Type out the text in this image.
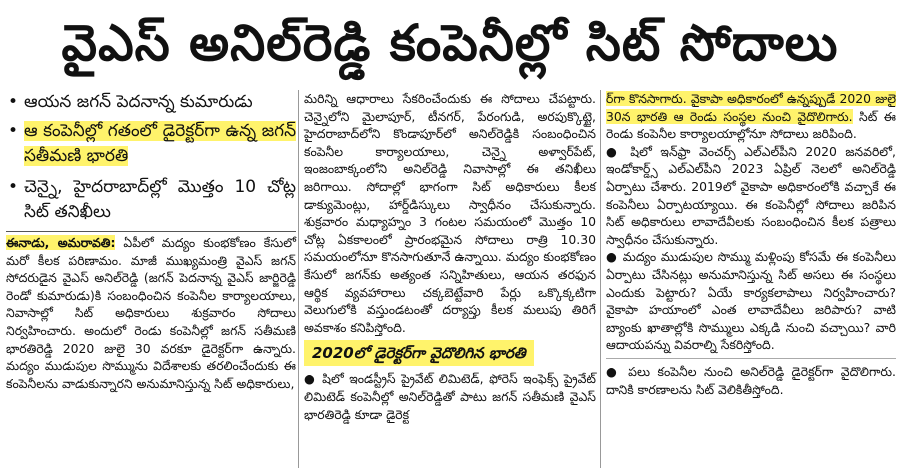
వైఎస్ అనిల్‌రెడ్డి కంపెనీల్లో సిట్ సోదాలు
• ఆయన జగన్ పెదనాన్న కుమారుడు
• ఆ కంపెనీల్లో గతంలో డైరెక్టర్‌గా ఉన్న జగన్ సతీమణి భారతి
• చెన్నై, హైదరాబాద్‌ల్లో మొత్తం 10 చోట్ల సిట్ తనిఖీలు

ఈనాడు, అమరావతి: ఏపీలో మద్యం కుంభకోణం కేసులో మరో కీలక పరిణామం. మాజీ ముఖ్యమంత్రి వైఎస్ జగన్ సోదరుడైన వైఎస్ అనిల్‌రెడ్డి (జగన్ పెదనాన్న వైఎస్ జార్జిరెడ్డి రెండో కుమారుడు)కి సంబంధించిన కంపెనీల కార్యాలయాలు, నివాసాల్లో సిట్ అధికారులు శుక్రవారం సోదాలు నిర్వహించారు. అందులో రెండు కంపెనీల్లో జగన్ సతీమణి భారతిరెడ్డి 2020 జులై 30 వరకూ డైరెక్టర్‌గా ఉన్నారు. మద్యం ముడుపుల సొమ్మును విదేశాలకు తరలించేందుకు ఈ కంపెనీలను వాడుకున్నారని అనుమానిస్తున్న సిట్ అధికారులు,

మరిన్ని ఆధారాలు సేకరించేందుకు ఈ సోదాలు చేపట్టారు. చెన్నైలోని మైలాపూర్, టీనగర్, పేరంగుడి, అరపుక్కొట్టై, హైదరాబాద్‌లోని కొండాపూర్‌లో అనిల్‌రెడ్డికి సంబంధించిన కంపెనీల కార్యాలయాలు, చెన్నై అళ్వార్‌పేట్, ఇంజంబాక్కంలోని అనిల్‌రెడ్డి నివాసాల్లో ఈ తనిఖీలు జరిగాయి. సోదాల్లో భాగంగా సిట్ అధికారులు కీలక డాక్యుమెంట్లు, హార్డ్‌డిస్కులు స్వాధీనం చేసుకున్నారు. శుక్రవారం మధ్యాహ్నం 3 గంటల సమయంలో మొత్తం 10 చోట్ల ఏకకాలంలో ప్రారంభమైన సోదాలు రాత్రి 10.30 సమయంలోనూ కొనసాగుతూనే ఉన్నాయి. మద్యం కుంభకోణం కేసులో జగన్‌కు అత్యంత సన్నిహితులు, ఆయన తరఫున ఆర్థిక వ్యవహారాలు చక్కబెట్టేవారి పేర్లు ఒక్కొక్కటిగా వెలుగులోకి వస్తుండటంతో దర్యాప్తు కీలక మలుపు తిరిగే అవకాశం కనిపిస్తోంది.

2020లో డైరెక్టర్‌గా వైదొలిగిన భారతి

● షిలో ఇండస్ట్రీస్ ప్రైవేట్ లిమిటెడ్, ఫోరెస్ ఇంఫెక్స్ ప్రైవేట్ లిమిటెడ్ కంపెనీల్లో అనిల్‌రెడ్డితో పాటు జగన్ సతీమణి వైఎస్ భారతిరెడ్డి కూడా డైరెక్ట

ర్‌గా కొనసాగారు. వైకాపా అధికారంలో ఉన్నప్పుడే 2020 జులై 30న భారతి ఆ రెండు సంస్థల నుంచి వైదొలిగారు. సిట్ ఈ రెండు కంపెనీల కార్యాలయాల్లోనూ సోదాలు జరిపింది.

● షిలో ఇన్‌ఫ్రా వెంచర్స్ ఎల్‌ఎల్‌పీని 2020 జనవరిలో, ఇండోకార్డ్స్ ఎల్‌ఎల్‌పీని 2023 ఏప్రిల్ నెలలో అనిల్‌రెడ్డి ఏర్పాటు చేశారు. 2019లో వైకాపా అధికారంలోకి వచ్చాకే ఈ కంపెనీలు ఏర్పాటయ్యాయి. ఈ కంపెనీల్లో సోదాలు జరిపిన సిట్ అధికారులు లావాదేవీలకు సంబంధించిన కీలక పత్రాలు స్వాధీనం చేసుకున్నారు.

● మద్యం ముడుపుల సొమ్ము మళ్లింపు కోసమే ఈ కంపెనీలు ఏర్పాటు చేసినట్లు అనుమానిస్తున్న సిట్ అసలు ఈ సంస్థలు ఎందుకు పెట్టారు? ఏయే కార్యకలాపాలు నిర్వహించారు? వైకాపా హయాంలో ఎంత లావాదేవీలు జరిపారు? వాటి బ్యాంకు ఖాతాల్లోకి సొమ్ములు ఎక్కడి నుంచి వచ్చాయి? వారి ఆదాయపన్ను వివరాల్ని సేకరిస్తోంది.

● పలు కంపెనీల నుంచి అనిల్‌రెడ్డి డైరెక్టర్‌గా వైదొలిగారు. దానికి కారణాలను సిట్ వెలికితీస్తోంది.
